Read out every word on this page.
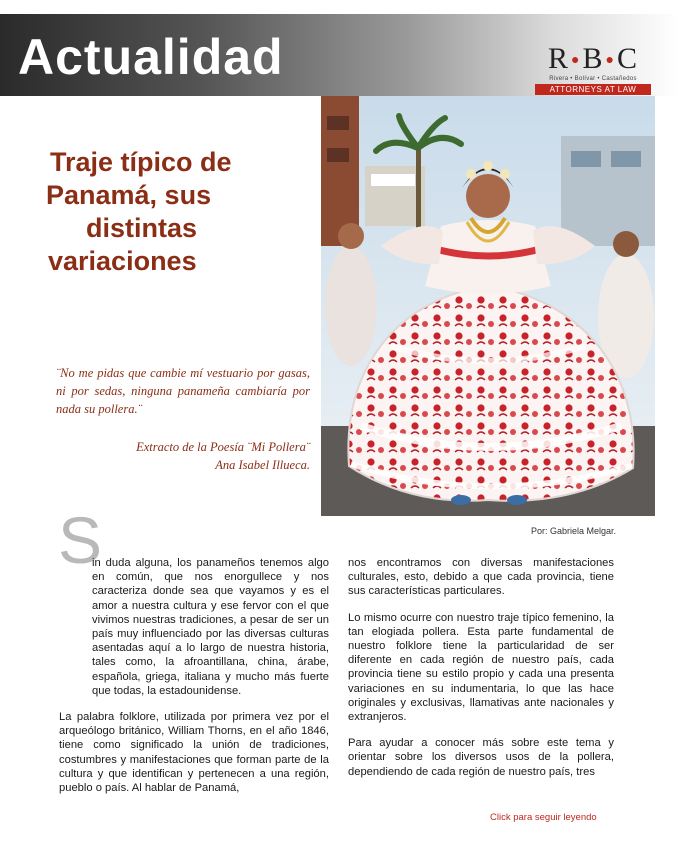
Actualidad	R ●B ●C
Rivera • Bolívar • Castañedos
ATTORNEYS AT LAW
Traje típico de
Panamá, sus
distintas
variaciones
¨No me pidas que cambie mí vestuario por gasas, ni por sedas, ninguna panameña cambiaría por nada su pollera.¨
Extracto de la Poesía ¨Mi Pollera¨
Ana Isabel Illueca.
Por: Gabriela Melgar.
S

in duda alguna, los panameños tenemos algo en común, que nos enorgullece y nos caracteriza donde sea que vayamos y es el amor a nuestra cultura y ese fervor con el que vivimos nuestras tradiciones, a pesar de ser un país muy influenciado por las diversas culturas asentadas aquí a lo largo de nuestra historia, tales como, la afroantillana, china, árabe, española, griega, italiana y mucho más fuerte que todas, la estadounidense.

La palabra folklore, utilizada por primera vez por el arqueólogo británico, William Thorns, en el año 1846, tiene como significado la unión de tradiciones, costumbres y manifestaciones que forman parte de la cultura y que identifican y pertenecen a una región, pueblo o país. Al hablar de Panamá,

nos encontramos con diversas manifestaciones culturales, esto, debido a que cada provincia, tiene sus características particulares.

Lo mismo ocurre con nuestro traje típico femenino, la tan elogiada pollera. Esta parte fundamental de nuestro folklore tiene la particularidad de ser diferente en cada región de nuestro país, cada provincia tiene su estilo propio y cada una presenta variaciones en su indumentaria, lo que las hace originales y exclusivas, llamativas ante nacionales y extranjeros.

Para ayudar a conocer más sobre este tema y orientar sobre los diversos usos de la pollera, dependiendo de cada región de nuestro país, tres

Click para seguir leyendo
